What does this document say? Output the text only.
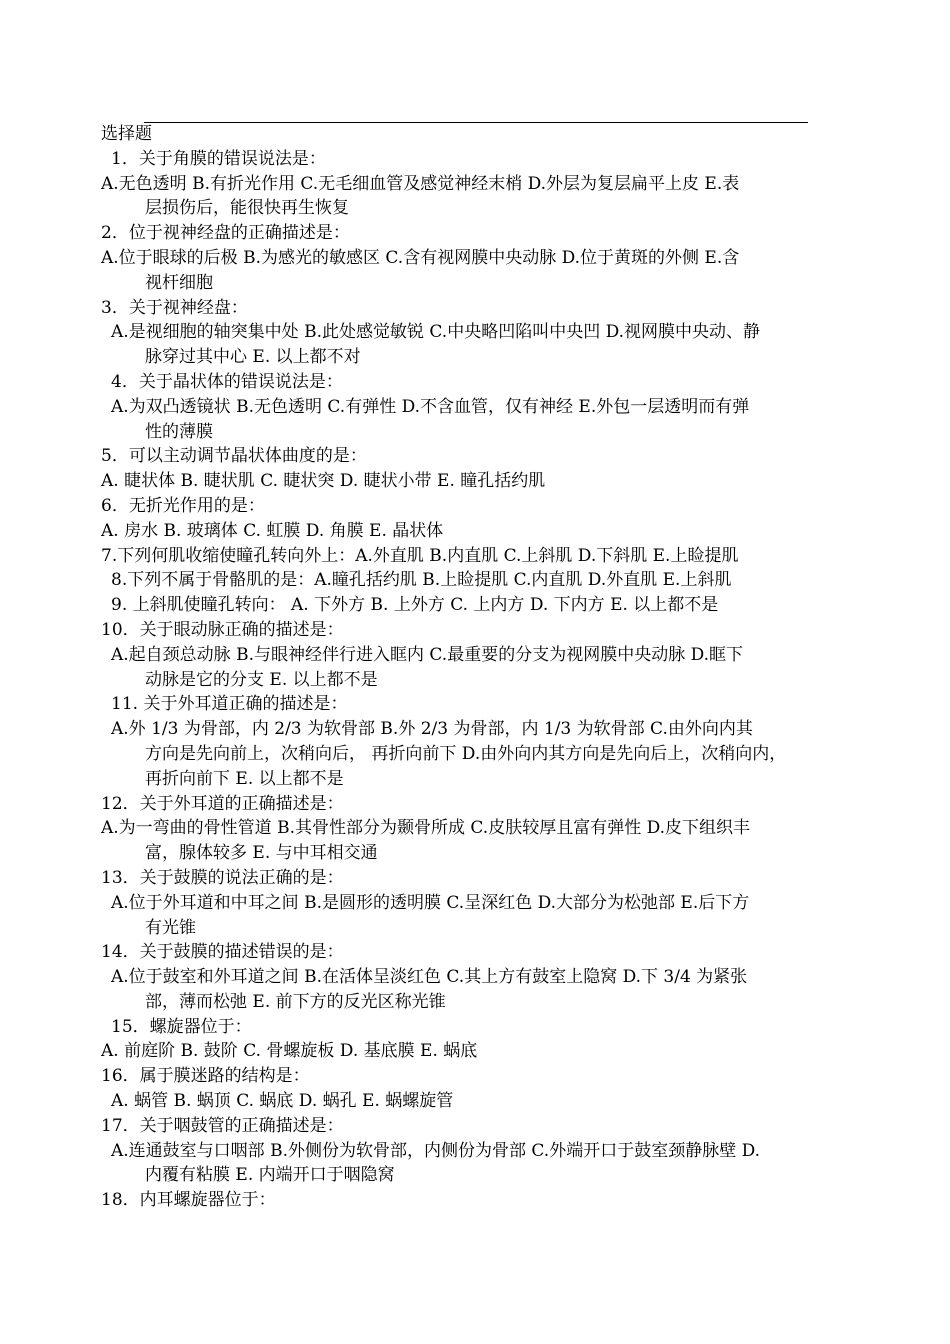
选择题
1．关于角膜的错误说法是：
A.无色透明 B.有折光作用 C.无毛细血管及感觉神经末梢 D.外层为复层扁平上皮 E.表
层损伤后，能很快再生恢复
2．位于视神经盘的正确描述是：
A.位于眼球的后极 B.为感光的敏感区 C.含有视网膜中央动脉 D.位于黄斑的外侧 E.含
视杆细胞
3．关于视神经盘：
A.是视细胞的轴突集中处 B.此处感觉敏锐 C.中央略凹陷叫中央凹 D.视网膜中央动、静
脉穿过其中心 E. 以上都不对
4．关于晶状体的错误说法是：
A.为双凸透镜状 B.无色透明 C.有弹性 D.不含血管，仅有神经 E.外包一层透明而有弹
性的薄膜
5．可以主动调节晶状体曲度的是：
A. 睫状体 B. 睫状肌 C. 睫状突 D. 睫状小带 E. 瞳孔括约肌
6．无折光作用的是：
A. 房水 B. 玻璃体 C. 虹膜 D. 角膜 E. 晶状体
7.下列何肌收缩使瞳孔转向外上：A.外直肌 B.内直肌 C.上斜肌 D.下斜肌 E.上睑提肌
8.下列不属于骨骼肌的是：A.瞳孔括约肌 B.上睑提肌 C.内直肌 D.外直肌 E.上斜肌
9. 上斜肌使瞳孔转向： A. 下外方 B. 上外方 C. 上内方 D. 下内方 E. 以上都不是
10．关于眼动脉正确的描述是：
A.起自颈总动脉 B.与眼神经伴行进入眶内 C.最重要的分支为视网膜中央动脉 D.眶下
动脉是它的分支 E. 以上都不是
11. 关于外耳道正确的描述是：
A.外 1/3 为骨部，内 2/3 为软骨部 B.外 2/3 为骨部，内 1/3 为软骨部 C.由外向内其
方向是先向前上，次稍向后， 再折向前下 D.由外向内其方向是先向后上，次稍向内，
再折向前下 E. 以上都不是
12．关于外耳道的正确描述是：
A.为一弯曲的骨性管道 B.其骨性部分为颞骨所成 C.皮肤较厚且富有弹性 D.皮下组织丰
富，腺体较多 E. 与中耳相交通
13．关于鼓膜的说法正确的是：
A.位于外耳道和中耳之间 B.是圆形的透明膜 C.呈深红色 D.大部分为松弛部 E.后下方
有光锥
14．关于鼓膜的描述错误的是：
A.位于鼓室和外耳道之间 B.在活体呈淡红色 C.其上方有鼓室上隐窝 D.下 3/4 为紧张
部，薄而松弛 E. 前下方的反光区称光锥
15．螺旋器位于：
A. 前庭阶 B. 鼓阶 C. 骨螺旋板 D. 基底膜 E. 蜗底
16．属于膜迷路的结构是：
A. 蜗管 B. 蜗顶 C. 蜗底 D. 蜗孔 E. 蜗螺旋管
17．关于咽鼓管的正确描述是：
A.连通鼓室与口咽部 B.外侧份为软骨部，内侧份为骨部 C.外端开口于鼓室颈静脉壁 D.
内覆有粘膜 E. 内端开口于咽隐窝
18．内耳螺旋器位于：
